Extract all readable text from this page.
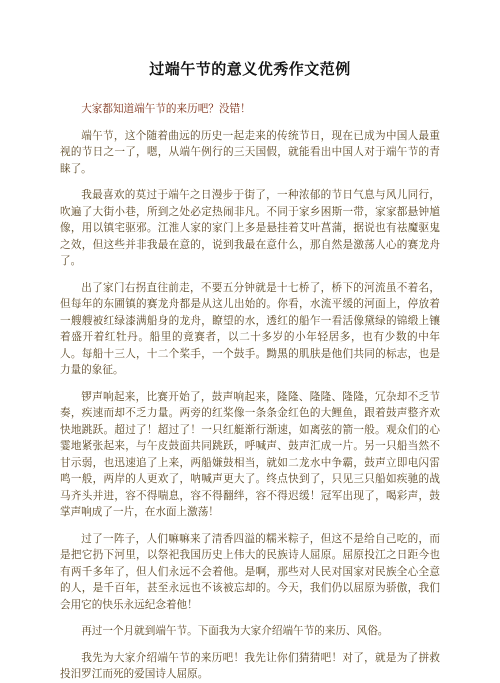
过端午节的意义优秀作文范例

大家都知道端午节的来历吧？没错！

端午节，这个随着曲远的历史一起走来的传统节日，现在已成为中国人最重视的节日之一了，嗯，从端午例行的三天国假，就能看出中国人对于端午节的青睐了。

我最喜欢的莫过于端午之日漫步于街了，一种浓郁的节日气息与风儿同行，吹遍了大街小巷，所到之处必定热闹非凡。不同于家乡困斯一带，家家都悬钟馗像，用以镇宅驱邪。江淮人家的家门上多是悬挂着艾叶菖蒲，据说也有祛魔驱鬼之效，但这些并非我最在意的，说到我最在意什么，那自然是激荡人心的赛龙舟了。

出了家门右拐直往前走，不要五分钟就是十七桥了，桥下的河流虽不着名，但每年的东圃镇的赛龙舟都是从这儿出始的。你看，水流平缓的河面上，停放着一艘艘被红绿漆满船身的龙舟，瞭望的水，透红的船乍一看活像黛绿的锦缎上镶着盛开着红牡丹。船里的竟赛者，以二十多岁的小年轻居多，也有少数的中年人。每船十三人，十二个桨手，一个鼓手。黝黑的肌肤是他们共同的标志，也是力量的象征。

锣声响起来，比赛开始了，鼓声响起来，隆隆、隆隆、隆隆，冗杂却不乏节奏，疾速而却不乏力量。两旁的红桨像一条条金红色的大鲤鱼，跟着鼓声整齐欢快地跳跃。超过了！超过了！一只红艇渐行渐速，如离弦的箭一般。观众们的心霎地紧张起来，与午皮鼓面共同跳跃，呼喊声、鼓声汇成一片。另一只船当然不甘示弱，也迅速追了上来，两船嫌鼓相当，就如二龙水中争霸，鼓声立即电闪雷鸣一般，两岸的人更欢了，呐喊声更大了。终点快到了，只见三只船如疾驰的战马齐头并进，容不得喘息，容不得翻绊，容不得迟缓！冠军出现了，喝彩声，鼓掌声响成了一片，在水面上激荡！

过了一阵子，人们嘛嘛来了清香四溢的糯米粽子，但这不是给自己吃的，而是把它扔下河里，以祭祀我国历史上伟大的民族诗人屈原。屈原投江之日距今也有两千多年了，但人们永远不会着他。是啊，那些对人民对国家对民族全心全意的人，是千百年，甚至永远也不该被忘却的。今天，我们仍以屈原为骄傲，我们会用它的快乐永远纪念着他！

再过一个月就到端午节。下面我为大家介绍端午节的来历、风俗。

我先为大家介绍端午节的来历吧！我先让你们猜猜吧！对了，就是为了拼救投汨罗江而死的爱国诗人屈原。
